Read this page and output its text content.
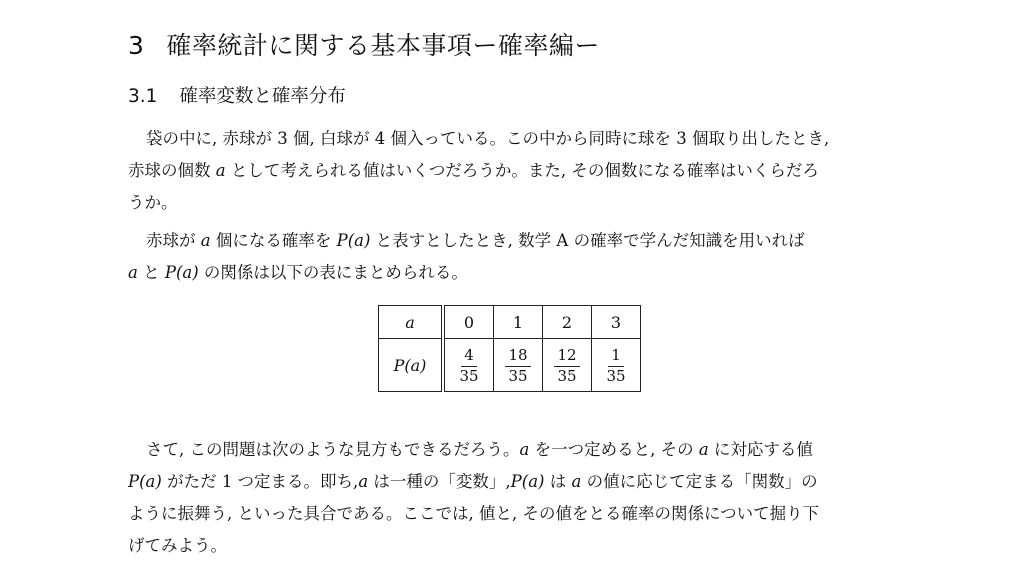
3 確率統計に関する基本事項ー確率編ー
3.1 確率変数と確率分布
袋の中に, 赤球が 3 個, 白球が 4 個入っている。この中から同時に球を 3 個取り出したとき,
赤球の個数 a として考えられる値はいくつだろうか。また, その個数になる確率はいくらだろ
うか。
赤球が a 個になる確率を P(a) と表すとしたとき, 数学 A の確率で学んだ知識を用いれば
a と P(a) の関係は以下の表にまとめられる。
a	0	1	2	3
P(a)	$\frac{4}{35}$	$\frac{18}{35}$	$\frac{12}{35}$	$\frac{1}{35}$
さて, この問題は次のような見方もできるだろう。a を一つ定めると, その a に対応する値
P(a) がただ 1 つ定まる。即ち,a は一種の「変数」,P(a) は a の値に応じて定まる「関数」の
ように振舞う, といった具合である。ここでは, 値と, その値をとる確率の関係について掘り下
げてみよう。
